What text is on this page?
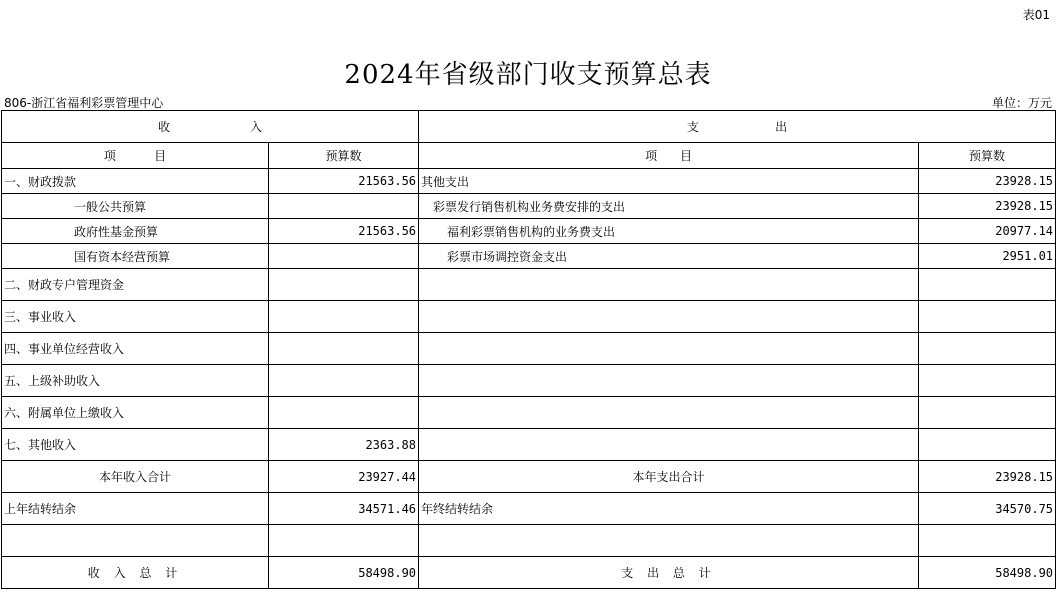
表01
2024年省级部门收支预算总表
806-浙江省福利彩票管理中心	单位：万元
收                     入		支                    出	
项          目	预算数	项      目	预算数
一、财政拨款	21563.56	其他支出	23928.15
一般公共预算		彩票发行销售机构业务费安排的支出	23928.15
政府性基金预算	21563.56	福利彩票销售机构的业务费支出	20977.14
国有资本经营预算		彩票市场调控资金支出	2951.01
二、财政专户管理资金			
三、事业收入			
四、事业单位经营收入			
五、上级补助收入			
六、附属单位上缴收入			
七、其他收入	2363.88		
本年收入合计	23927.44	本年支出合计	23928.15
上年结转结余	34571.46	年终结转结余	34570.75

收 入 总 计	58498.90	支 出 总 计	58498.90
